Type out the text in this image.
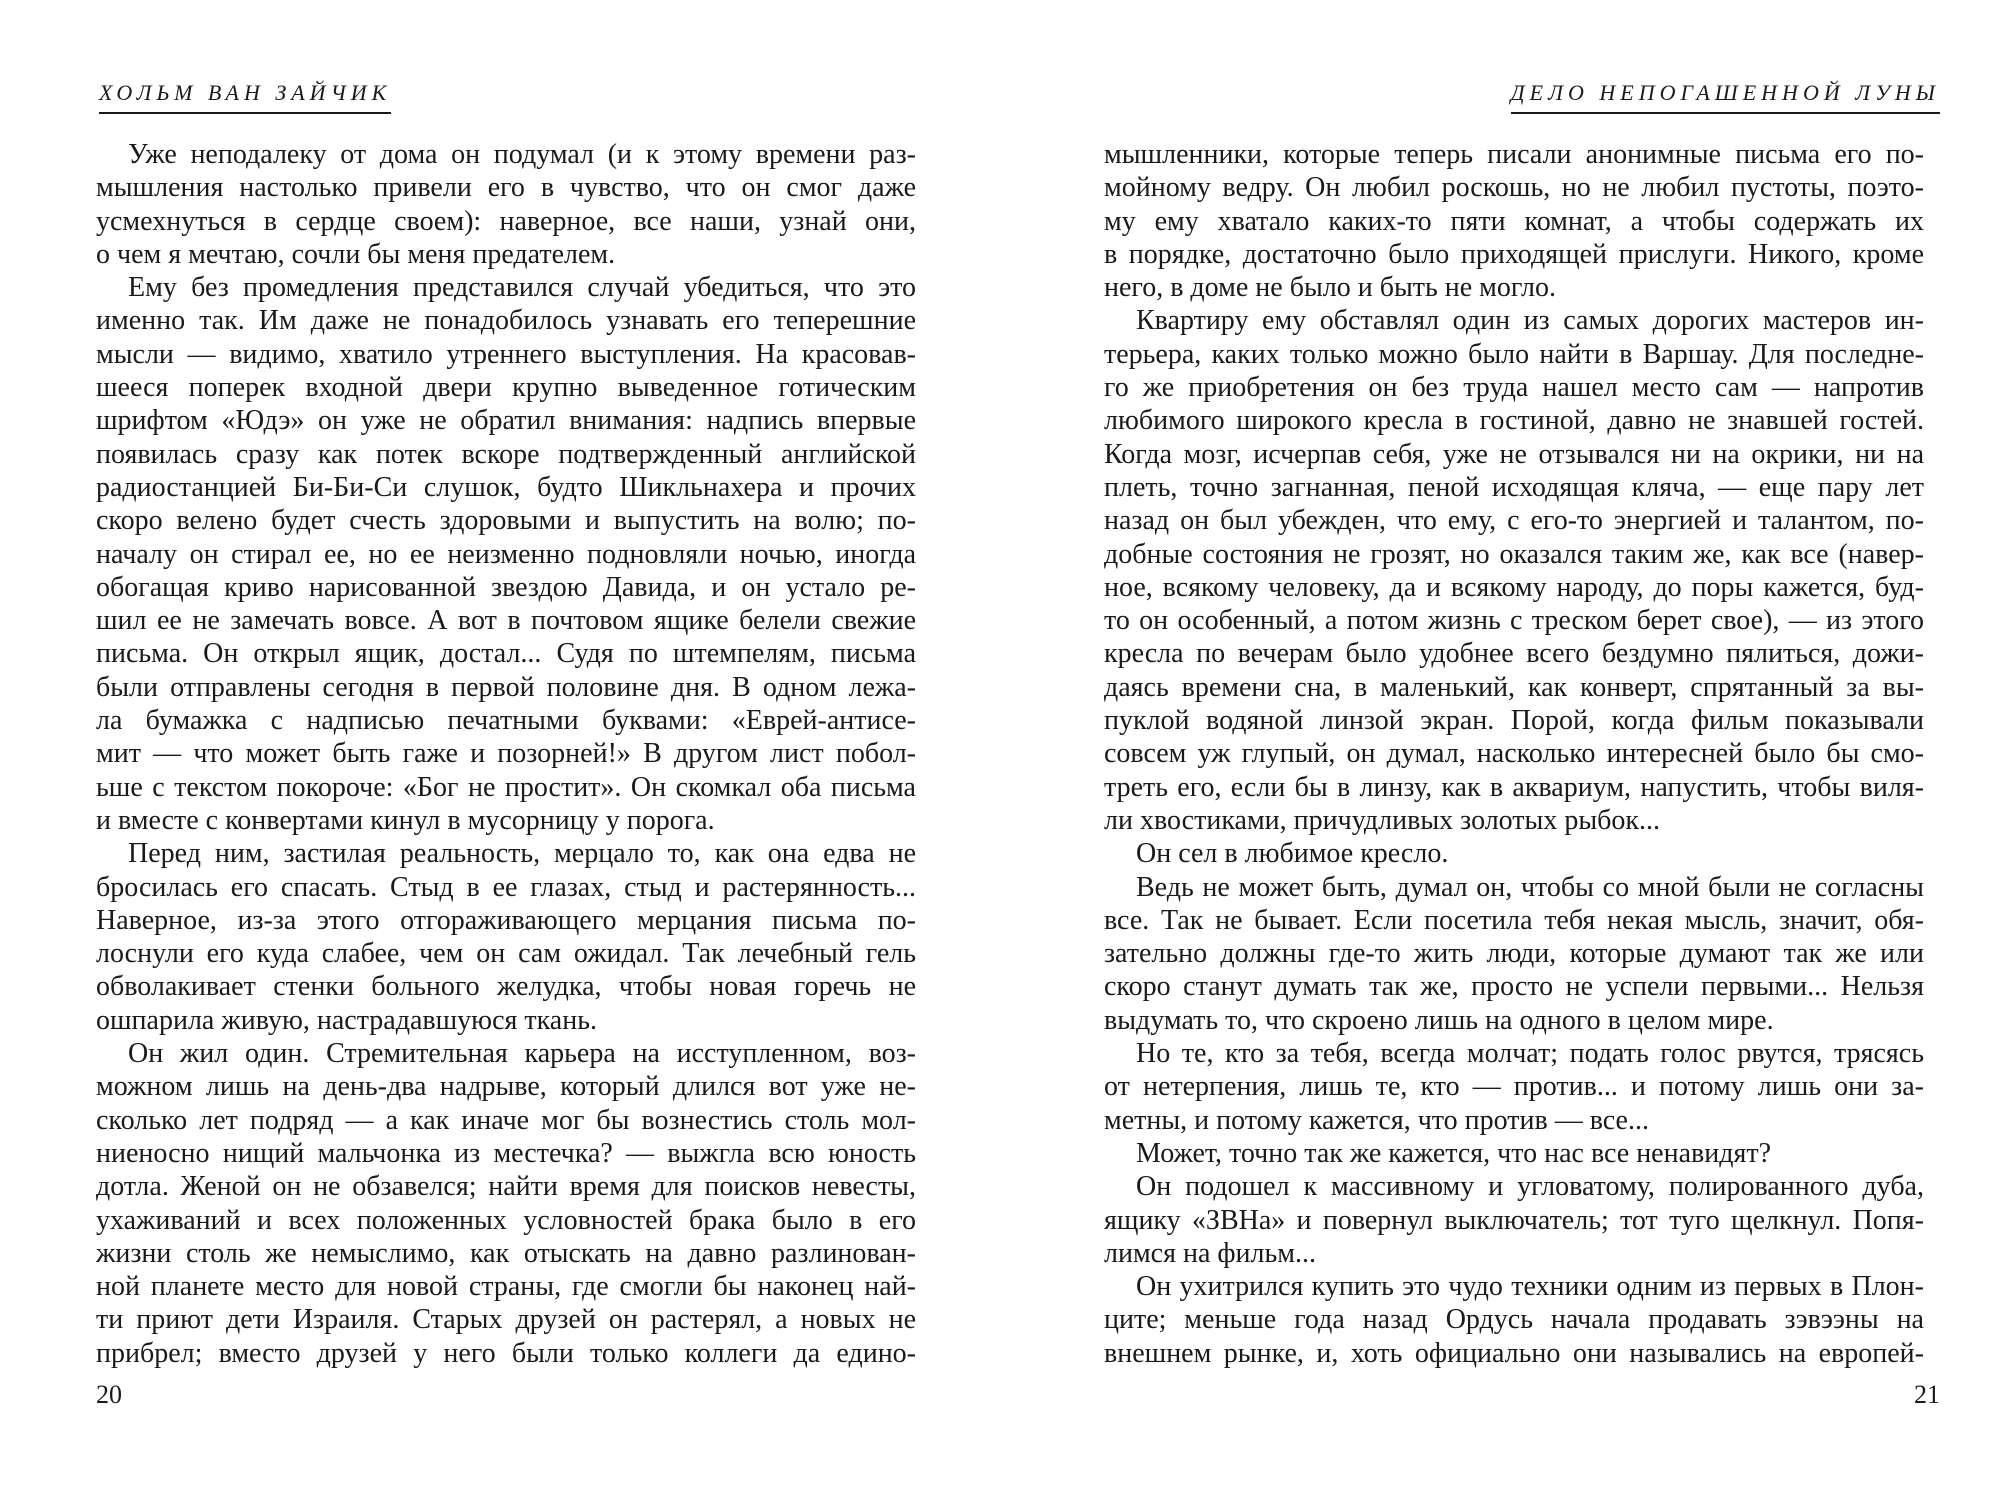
ХОЛЬМ ВАН ЗАЙЧИК
Уже неподалеку от дома он подумал (и к этому времени раз-
мышления настолько привели его в чувство, что он смог даже
усмехнуться в сердце своем): наверное, все наши, узнай они,
о чем я мечтаю, сочли бы меня предателем.
Ему без промедления представился случай убедиться, что это
именно так. Им даже не понадобилось узнавать его теперешние
мысли — видимо, хватило утреннего выступления. На красовав-
шееся поперек входной двери крупно выведенное готическим
шрифтом «Юдэ» он уже не обратил внимания: надпись впервые
появилась сразу как потек вскоре подтвержденный английской
радиостанцией Би-Би-Си слушок, будто Шикльнахера и прочих
скоро велено будет счесть здоровыми и выпустить на волю; по-
началу он стирал ее, но ее неизменно подновляли ночью, иногда
обогащая криво нарисованной звездою Давида, и он устало ре-
шил ее не замечать вовсе. А вот в почтовом ящике белели свежие
письма. Он открыл ящик, достал... Судя по штемпелям, письма
были отправлены сегодня в первой половине дня. В одном лежа-
ла бумажка с надписью печатными буквами: «Еврей-антисе-
мит — что может быть гаже и позорней!» В другом лист побол-
ьше с текстом покороче: «Бог не простит». Он скомкал оба письма
и вместе с конвертами кинул в мусорницу у порога.
Перед ним, застилая реальность, мерцало то, как она едва не
бросилась его спасать. Стыд в ее глазах, стыд и растерянность...
Наверное, из-за этого отгораживающего мерцания письма по-
лоснули его куда слабее, чем он сам ожидал. Так лечебный гель
обволакивает стенки больного желудка, чтобы новая горечь не
ошпарила живую, настрадавшуюся ткань.
Он жил один. Стремительная карьера на исступленном, воз-
можном лишь на день-два надрыве, который длился вот уже не-
сколько лет подряд — а как иначе мог бы вознестись столь мол-
ниеносно нищий мальчонка из местечка? — выжгла всю юность
дотла. Женой он не обзавелся; найти время для поисков невесты,
ухаживаний и всех положенных условностей брака было в его
жизни столь же немыслимо, как отыскать на давно разлинован-
ной планете место для новой страны, где смогли бы наконец най-
ти приют дети Израиля. Старых друзей он растерял, а новых не
прибрел; вместо друзей у него были только коллеги да едино-
20
ДЕЛО НЕПОГАШЕННОЙ ЛУНЫ
мышленники, которые теперь писали анонимные письма его по-
мойному ведру. Он любил роскошь, но не любил пустоты, поэто-
му ему хватало каких-то пяти комнат, а чтобы содержать их
в порядке, достаточно было приходящей прислуги. Никого, кроме
него, в доме не было и быть не могло.
Квартиру ему обставлял один из самых дорогих мастеров ин-
терьера, каких только можно было найти в Варшау. Для последне-
го же приобретения он без труда нашел место сам — напротив
любимого широкого кресла в гостиной, давно не знавшей гостей.
Когда мозг, исчерпав себя, уже не отзывался ни на окрики, ни на
плеть, точно загнанная, пеной исходящая кляча, — еще пару лет
назад он был убежден, что ему, с его-то энергией и талантом, по-
добные состояния не грозят, но оказался таким же, как все (навер-
ное, всякому человеку, да и всякому народу, до поры кажется, буд-
то он особенный, а потом жизнь с треском берет свое), — из этого
кресла по вечерам было удобнее всего бездумно пялиться, дожи-
даясь времени сна, в маленький, как конверт, спрятанный за вы-
пуклой водяной линзой экран. Порой, когда фильм показывали
совсем уж глупый, он думал, насколько интересней было бы смо-
треть его, если бы в линзу, как в аквариум, напустить, чтобы виля-
ли хвостиками, причудливых золотых рыбок...
Он сел в любимое кресло.
Ведь не может быть, думал он, чтобы со мной были не согласны
все. Так не бывает. Если посетила тебя некая мысль, значит, обя-
зательно должны где-то жить люди, которые думают так же или
скоро станут думать так же, просто не успели первыми... Нельзя
выдумать то, что скроено лишь на одного в целом мире.
Но те, кто за тебя, всегда молчат; подать голос рвутся, трясясь
от нетерпения, лишь те, кто — против... и потому лишь они за-
метны, и потому кажется, что против — все...
Может, точно так же кажется, что нас все ненавидят?
Он подошел к массивному и угловатому, полированного дуба,
ящику «ЗВНа» и повернул выключатель; тот туго щелкнул. Попя-
лимся на фильм...
Он ухитрился купить это чудо техники одним из первых в Плон-
ците; меньше года назад Ордусь начала продавать зэвээны на
внешнем рынке, и, хоть официально они назывались на европей-
21
